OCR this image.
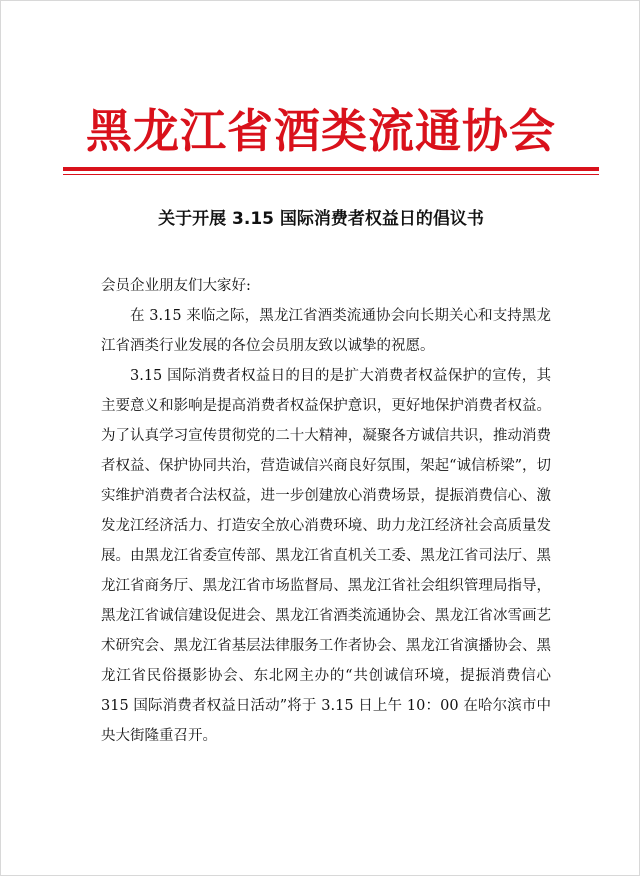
黑龙江省酒类流通协会
关于开展 3.15 国际消费者权益日的倡议书

会员企业朋友们大家好:

在 3.15 来临之际，黑龙江省酒类流通协会向长期关心和支持黑龙江省酒类行业发展的各位会员朋友致以诚挚的祝愿。

3.15 国际消费者权益日的目的是扩大消费者权益保护的宣传，其主要意义和影响是提高消费者权益保护意识，更好地保护消费者权益。 为了认真学习宣传贯彻党的二十大精神，凝聚各方诚信共识，推动消费者权益、保护协同共治，营造诚信兴商良好氛围，架起“诚信桥梁”，切实维护消费者合法权益，进一步创建放心消费场景，提振消费信心、激发龙江经济活力、打造安全放心消费环境、助力龙江经济社会高质量发展。由黑龙江省委宣传部、黑龙江省直机关工委、黑龙江省司法厅、黑龙江省商务厅、黑龙江省市场监督局、黑龙江省社会组织管理局指导，黑龙江省诚信建设促进会、黑龙江省酒类流通协会、黑龙江省冰雪画艺术研究会、黑龙江省基层法律服务工作者协会、黑龙江省演播协会、黑龙江省民俗摄影协会、东北网主办的“共创诚信环境，提振消费信心 315 国际消费者权益日活动”将于 3.15 日上午 10：00 在哈尔滨市中央大街隆重召开。
